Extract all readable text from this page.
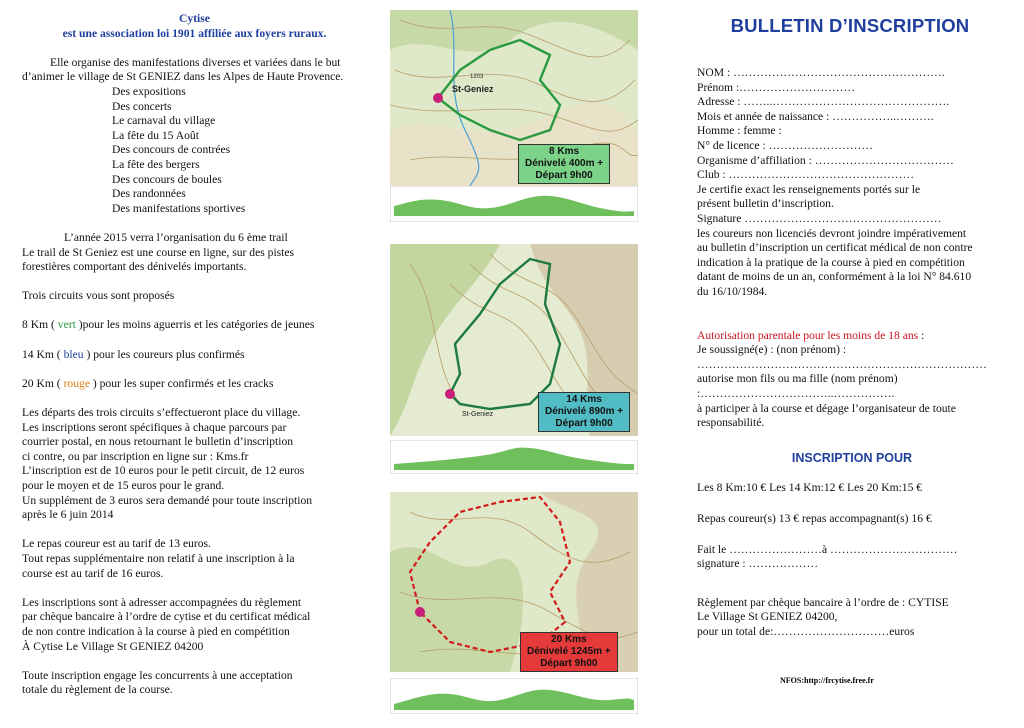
Cytise

est une association loi 1901 affiliée aux foyers ruraux.

Elle organise des manifestations diverses et variées dans le but d’animer le village de St GENIEZ dans les Alpes de Haute Provence.

Des expositions

Des concerts

Le carnaval du village

La fête du 15 Août

Des concours de contrées

La fête des bergers

Des concours de boules

Des randonnées

Des manifestations sportives

L’année 2015 verra l’organisation du 6 ème trail

Le trail de St Geniez est une course en ligne, sur des pistes forestières comportant des dénivelés importants.

Trois circuits vous sont proposés

8 Km ( vert )pour les moins aguerris et les catégories de jeunes

14 Km ( bleu ) pour les coureurs plus confirmés

20 Km ( rouge ) pour les super confirmés et les cracks

Les départs des trois circuits s’effectueront place du village.

Les inscriptions seront spécifiques à chaque parcours par

courrier postal, en nous retournant le bulletin d’inscription

ci contre, ou par inscription en ligne sur : Kms.fr

L’inscription est de 10 euros pour le petit circuit, de 12 euros

pour le moyen et de 15 euros pour le grand.

Un supplément de 3 euros sera demandé pour toute inscription

après le 6 juin 2014

Le repas coureur est au tarif de 13 euros.

Tout repas supplémentaire non relatif à une inscription à la

course est au tarif de 16 euros.

Les inscriptions sont à adresser accompagnées du règlement

par chèque bancaire à l’ordre de cytise et du certificat médical

de non contre indication à la course à pied en compétition

À Cytise Le Village St GENIEZ 04200

Toute inscription engage les concurrents à une acceptation

totale du règlement de la course.

St-Geniez
1203
8 Kms
Dénivelé 400m +
Départ 9h00
St-Geniez
14 Kms
Dénivelé 890m +
Départ 9h00
20 Kms
Dénivelé 1245m +
Départ 9h00
BULLETIN D’INSCRIPTION

NOM : ……………………………………………….

Prénom :…………………………

Adresse : ……..……………………………………….

Mois et année de naissance : ……………..……….

Homme : femme :

N° de licence : ………………………

Organisme d’affiliation : ………………………………

Club : …………………………………………

Je certifie exact les renseignements portés sur le

présent bulletin d’inscription.

Signature ……………………………………………

les coureurs non licenciés devront joindre impérativement

au bulletin d’inscription un certificat médical de non contre

indication à la pratique de la course à pied en compétition

datant de moins de un an, conformément à la loi N° 84.610

du 16/10/1984.

Autorisation parentale pour les moins de 18 ans :

Je soussigné(e) : (non prénom) :

…………………………………………………………………

autorise mon fils ou ma fille (nom prénom)

:……………………………..…………….

à participer à la course et dégage l’organisateur de toute

responsabilité.

INSCRIPTION POUR

Les 8 Km:10 € Les 14 Km:12 € Les 20 Km:15 €

Repas coureur(s) 13 € repas accompagnant(s) 16 €

Fait le ……………………à ……………………………

signature : ………………

Règlement par chèque bancaire à l’ordre de : CYTISE

Le Village St GENIEZ 04200,

pour un total de:…………………………euros

NFOS:http://frcytise.free.fr
